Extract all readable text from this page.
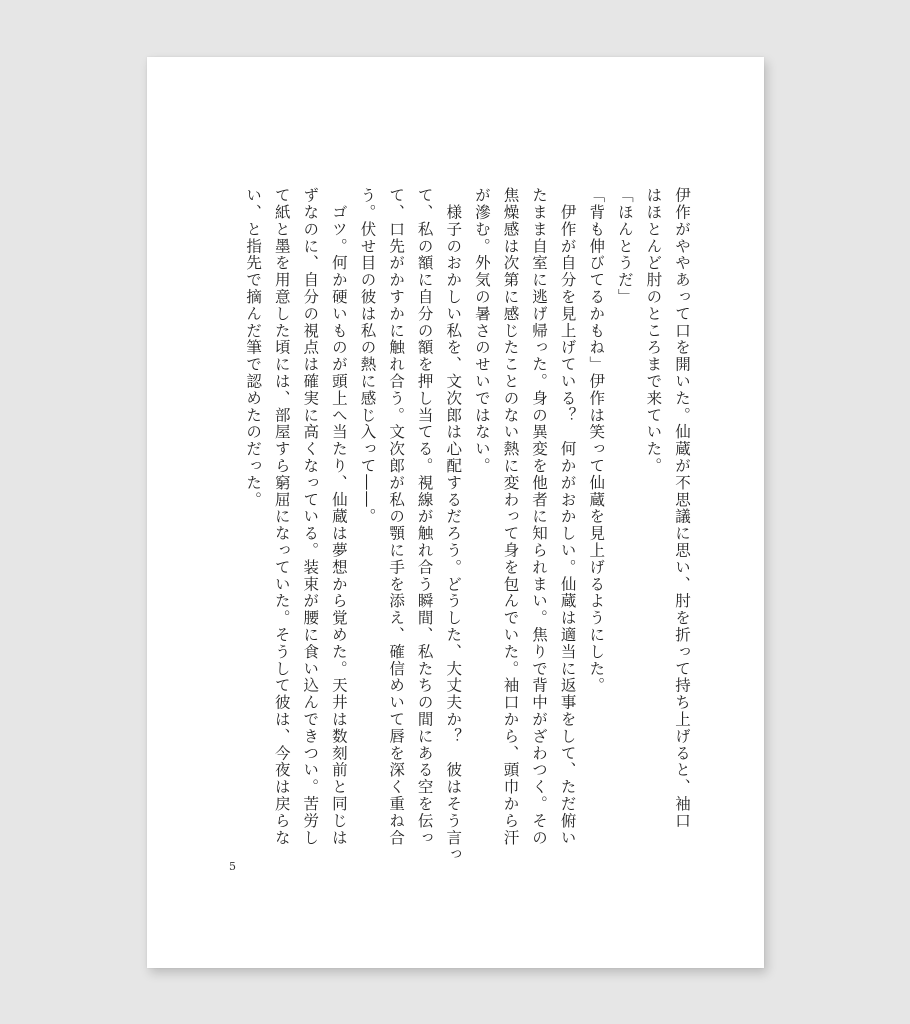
伊作がややあって口を開いた。仙蔵が不思議に思い、肘を折って持ち上げると、袖口
はほとんど肘のところまで来ていた。
「ほんとうだ」
「背も伸びてるかもね」伊作は笑って仙蔵を見上げるようにした。
　伊作が自分を見上げている？　何かがおかしい。仙蔵は適当に返事をして、ただ俯い
たまま自室に逃げ帰った。身の異変を他者に知られまい。焦りで背中がざわつく。その
焦燥感は次第に感じたことのない熱に変わって身を包んでいた。袖口から、頭巾から汗
が滲む。外気の暑さのせいではない。
　様子のおかしい私を、文次郎は心配するだろう。どうした、大丈夫か？　彼はそう言っ
て、私の額に自分の額を押し当てる。視線が触れ合う瞬間、私たちの間にある空を伝っ
て、口先がかすかに触れ合う。文次郎が私の顎に手を添え、確信めいて唇を深く重ね合
う。伏せ目の彼は私の熱に感じ入って――。
　ゴツ。何か硬いものが頭上へ当たり、仙蔵は夢想から覚めた。天井は数刻前と同じは
ずなのに、自分の視点は確実に高くなっている。装束が腰に食い込んできつい。苦労し
て紙と墨を用意した頃には、部屋すら窮屈になっていた。そうして彼は、今夜は戻らな
い、と指先で摘んだ筆で認めたのだった。
5
